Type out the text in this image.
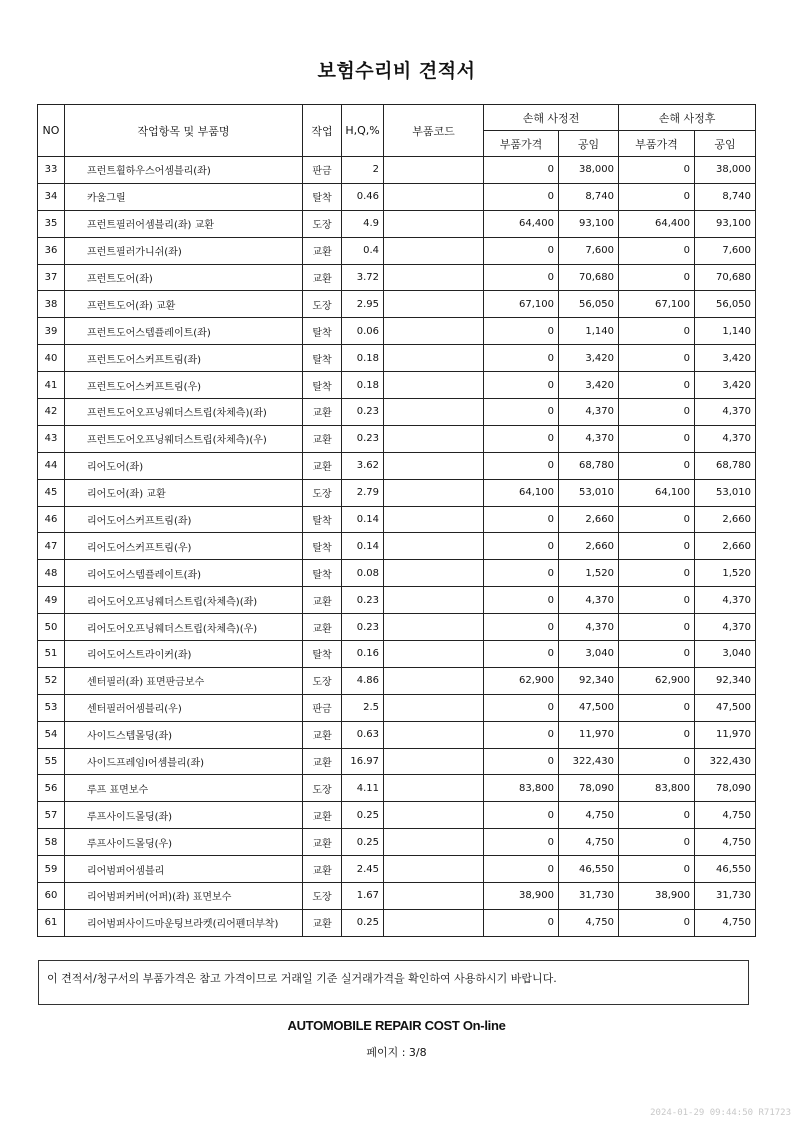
보험수리비 견적서
NO	작업항목 및 부품명	작업	H,Q,%	부품코드	손해 사정전		손해 사정후	
					부품가격	공임	부품가격	공임
33	프런트휠하우스어셈블리(좌)	판금	2		0	38,000	0	38,000
34	카울그릴	탈착	0.46		0	8,740	0	8,740
35	프런트필러어셈블리(좌) 교환	도장	4.9		64,400	93,100	64,400	93,100
36	프런트필러가니쉬(좌)	교환	0.4		0	7,600	0	7,600
37	프런트도어(좌)	교환	3.72		0	70,680	0	70,680
38	프런트도어(좌) 교환	도장	2.95		67,100	56,050	67,100	56,050
39	프런트도어스텝플레이트(좌)	탈착	0.06		0	1,140	0	1,140
40	프런트도어스커프트림(좌)	탈착	0.18		0	3,420	0	3,420
41	프런트도어스커프트림(우)	탈착	0.18		0	3,420	0	3,420
42	프런트도어오프닝웨더스트립(차체측)(좌)	교환	0.23		0	4,370	0	4,370
43	프런트도어오프닝웨더스트립(차체측)(우)	교환	0.23		0	4,370	0	4,370
44	리어도어(좌)	교환	3.62		0	68,780	0	68,780
45	리어도어(좌) 교환	도장	2.79		64,100	53,010	64,100	53,010
46	리어도어스커프트림(좌)	탈착	0.14		0	2,660	0	2,660
47	리어도어스커프트림(우)	탈착	0.14		0	2,660	0	2,660
48	리어도어스텝플레이트(좌)	탈착	0.08		0	1,520	0	1,520
49	리어도어오프닝웨더스트립(차체측)(좌)	교환	0.23		0	4,370	0	4,370
50	리어도어오프닝웨더스트립(차체측)(우)	교환	0.23		0	4,370	0	4,370
51	리어도어스트라이커(좌)	탈착	0.16		0	3,040	0	3,040
52	센터필러(좌) 표면판금보수	도장	4.86		62,900	92,340	62,900	92,340
53	센터필러어셈블리(우)	판금	2.5		0	47,500	0	47,500
54	사이드스텝몰딩(좌)	교환	0.63		0	11,970	0	11,970
55	사이드프레임I어셈블리(좌)	교환	16.97		0	322,430	0	322,430
56	루프 표면보수	도장	4.11		83,800	78,090	83,800	78,090
57	루프사이드몰딩(좌)	교환	0.25		0	4,750	0	4,750
58	루프사이드몰딩(우)	교환	0.25		0	4,750	0	4,750
59	리어범퍼어셈블리	교환	2.45		0	46,550	0	46,550
60	리어범퍼커버(어퍼)(좌) 표면보수	도장	1.67		38,900	31,730	38,900	31,730
61	리어범퍼사이드마운팅브라켓(리어펜더부착)	교환	0.25		0	4,750	0	4,750
이 견적서/청구서의 부품가격은 참고 가격이므로 거래일 기준 실거래가격을 확인하여 사용하시기 바랍니다.
AUTOMOBILE REPAIR COST On-line
페이지 : 3/8
2024-01-29 09:44:50 R71723
